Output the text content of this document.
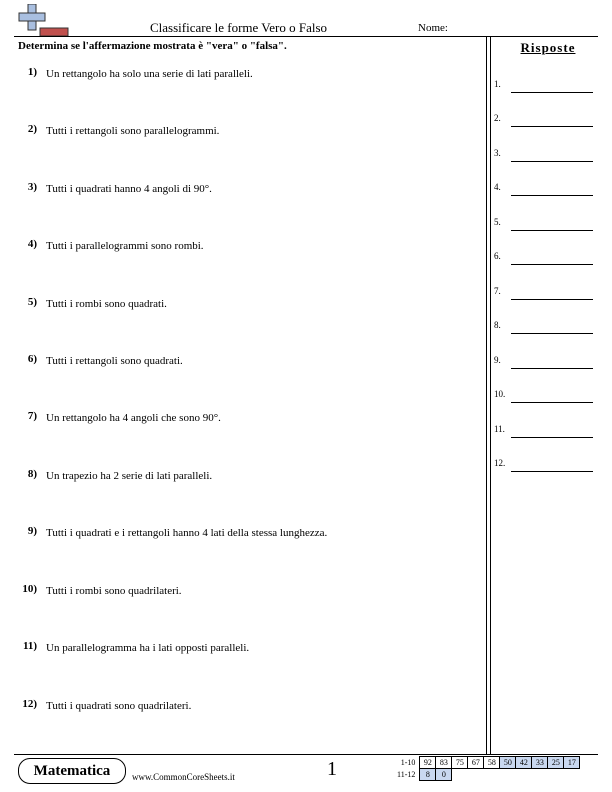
Classificare le forme Vero o Falso	Nome:
Determina se l'affermazione mostrata è "vera" o "falsa".	Risposte
1) Un rettangolo ha solo una serie di lati paralleli.
2) Tutti i rettangoli sono parallelogrammi.
3) Tutti i quadrati hanno 4 angoli di 90°.
4) Tutti i parallelogrammi sono rombi.
5) Tutti i rombi sono quadrati.
6) Tutti i rettangoli sono quadrati.
7) Un rettangolo ha 4 angoli che sono 90°.
8) Un trapezio ha 2 serie di lati paralleli.
9) Tutti i quadrati e i rettangoli hanno 4 lati della stessa lunghezza.
10) Tutti i rombi sono quadrilateri.
11) Un parallelogramma ha i lati opposti paralleli.
12) Tutti i quadrati sono quadrilateri.
1.
2.
3.
4.
5.
6.
7.
8.
9.
10.
11.
12.
Matematica	www.CommonCoreSheets.it	1	1-10	92	83	75	67	58	50	42	33	25	17
11-12	8	0								
